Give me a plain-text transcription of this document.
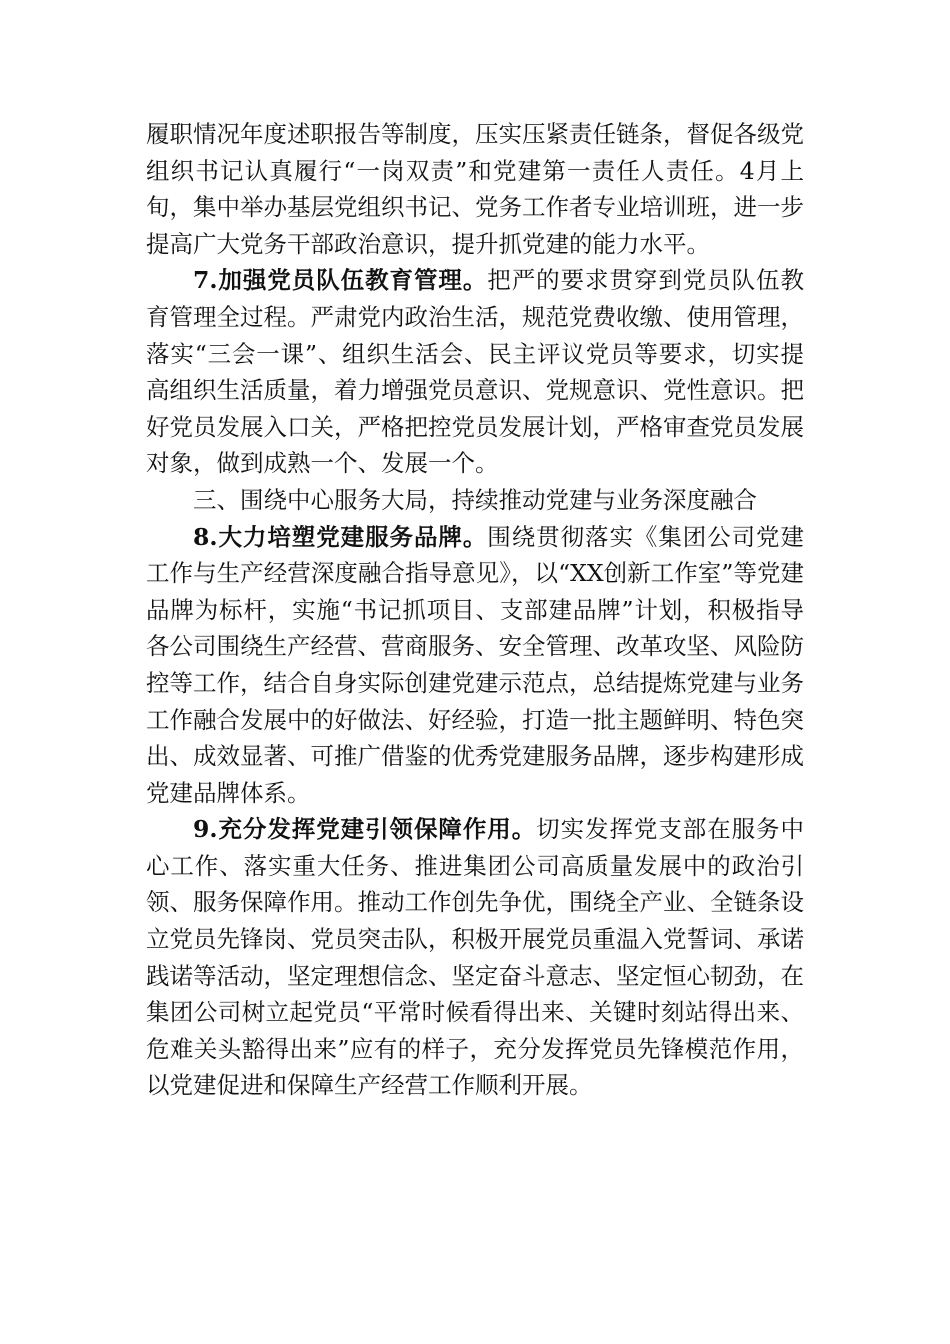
履职情况年度述职报告等制度，压实压紧责任链条，督促各级党组织书记认真履行“一岗双责”和党建第一责任人责任。4月上旬，集中举办基层党组织书记、党务工作者专业培训班，进一步提高广大党务干部政治意识，提升抓党建的能力水平。

7.加强党员队伍教育管理。把严的要求贯穿到党员队伍教育管理全过程。严肃党内政治生活，规范党费收缴、使用管理，落实“三会一课”、组织生活会、民主评议党员等要求，切实提高组织生活质量，着力增强党员意识、党规意识、党性意识。把好党员发展入口关，严格把控党员发展计划，严格审查党员发展对象，做到成熟一个、发展一个。

三、围绕中心服务大局，持续推动党建与业务深度融合

8.大力培塑党建服务品牌。围绕贯彻落实《集团公司党建工作与生产经营深度融合指导意见》，以“XX创新工作室”等党建品牌为标杆，实施“书记抓项目、支部建品牌”计划，积极指导各公司围绕生产经营、营商服务、安全管理、改革攻坚、风险防控等工作，结合自身实际创建党建示范点，总结提炼党建与业务工作融合发展中的好做法、好经验，打造一批主题鲜明、特色突出、成效显著、可推广借鉴的优秀党建服务品牌，逐步构建形成党建品牌体系。

9.充分发挥党建引领保障作用。切实发挥党支部在服务中心工作、落实重大任务、推进集团公司高质量发展中的政治引领、服务保障作用。推动工作创先争优，围绕全产业、全链条设立党员先锋岗、党员突击队，积极开展党员重温入党誓词、承诺践诺等活动，坚定理想信念、坚定奋斗意志、坚定恒心韧劲，在集团公司树立起党员“平常时候看得出来、关键时刻站得出来、危难关头豁得出来”应有的样子，充分发挥党员先锋模范作用，以党建促进和保障生产经营工作顺利开展。
